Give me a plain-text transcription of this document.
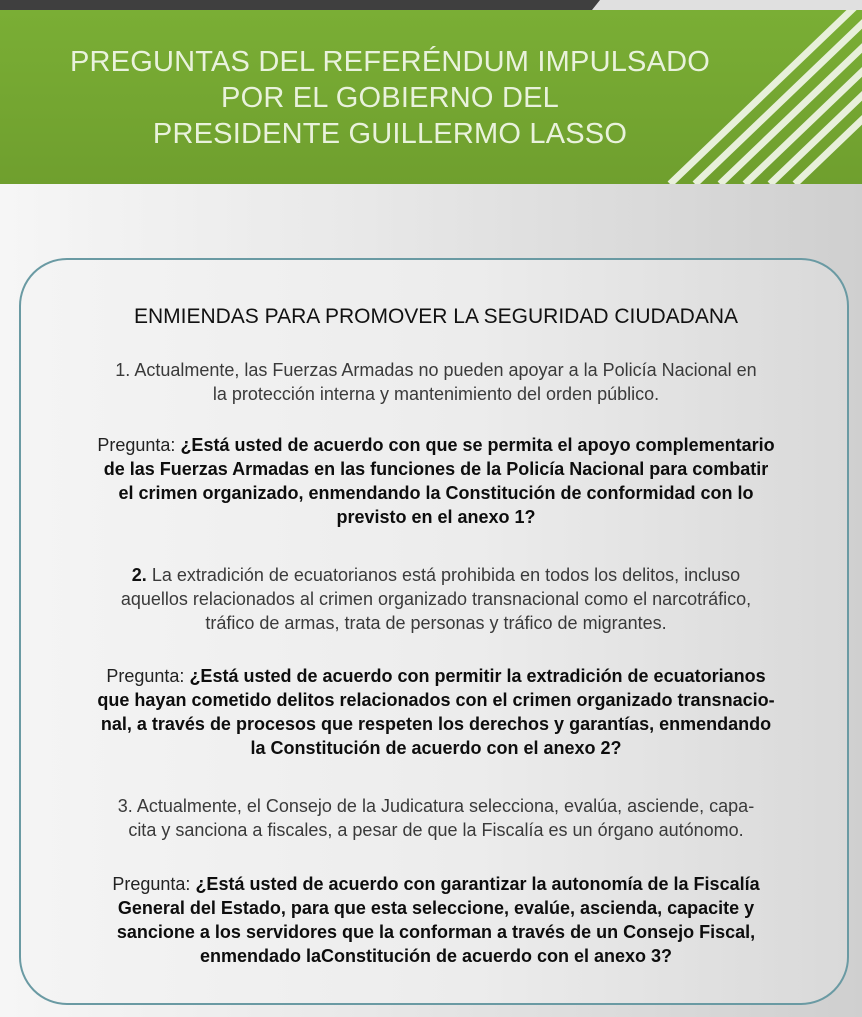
PREGUNTAS DEL REFERÉNDUM IMPULSADO
POR EL GOBIERNO DEL
PRESIDENTE GUILLERMO LASSO
ENMIENDAS PARA PROMOVER LA SEGURIDAD CIUDADANA
1. Actualmente, las Fuerzas Armadas no pueden apoyar a la Policía Nacional en
la protección interna y mantenimiento del orden público.
Pregunta: ¿Está usted de acuerdo con que se permita el apoyo complementario
de las Fuerzas Armadas en las funciones de la Policía Nacional para combatir
el crimen organizado, enmendando la Constitución de conformidad con lo
previsto en el anexo 1?
2. La extradición de ecuatorianos está prohibida en todos los delitos, incluso
aquellos relacionados al crimen organizado transnacional como el narcotráfico,
tráfico de armas, trata de personas y tráfico de migrantes.
Pregunta: ¿Está usted de acuerdo con permitir la extradición de ecuatorianos
que hayan cometido delitos relacionados con el crimen organizado transnacio-
nal, a través de procesos que respeten los derechos y garantías, enmendando
la Constitución de acuerdo con el anexo 2?
3. Actualmente, el Consejo de la Judicatura selecciona, evalúa, asciende, capa-
cita y sanciona a fiscales, a pesar de que la Fiscalía es un órgano autónomo.
Pregunta: ¿Está usted de acuerdo con garantizar la autonomía de la Fiscalía
General del Estado, para que esta seleccione, evalúe, ascienda, capacite y
sancione a los servidores que la conforman a través de un Consejo Fiscal,
enmendado laConstitución de acuerdo con el anexo 3?
